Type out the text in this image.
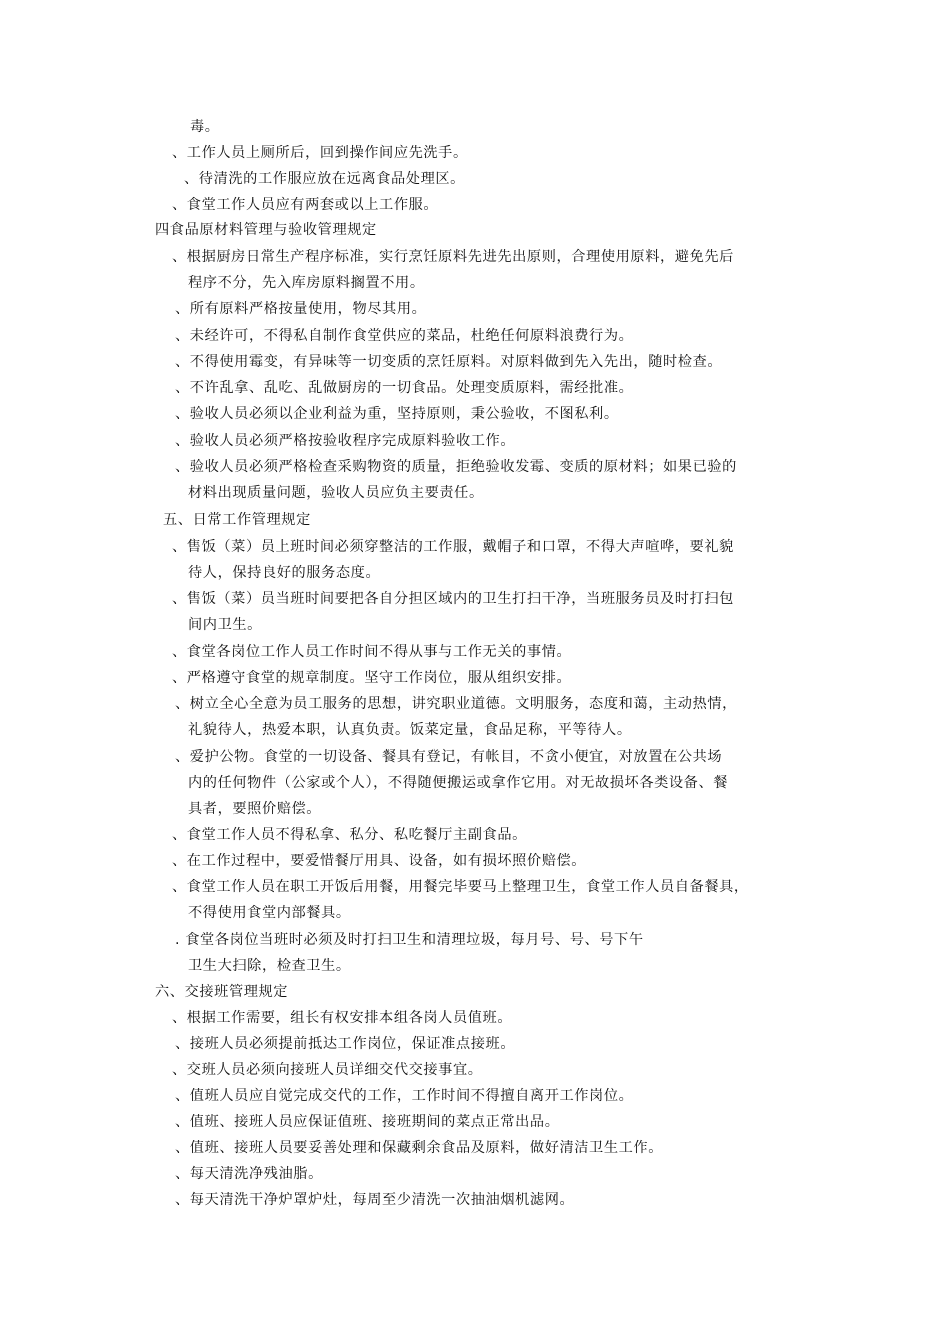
毒。
、工作人员上厕所后，回到操作间应先洗手。
、待清洗的工作服应放在远离食品处理区。
、食堂工作人员应有两套或以上工作服。
四食品原材料管理与验收管理规定
、根据厨房日常生产程序标准，实行烹饪原料先进先出原则，合理使用原料，避免先后
程序不分，先入库房原料搁置不用。
、所有原料严格按量使用，物尽其用。
、未经许可，不得私自制作食堂供应的菜品，杜绝任何原料浪费行为。
、不得使用霉变，有异味等一切变质的烹饪原料。对原料做到先入先出，随时检查。
、不许乱拿、乱吃、乱做厨房的一切食品。处理变质原料，需经批准。
、验收人员必须以企业利益为重，坚持原则，秉公验收，不图私利。
、验收人员必须严格按验收程序完成原料验收工作。
、验收人员必须严格检查采购物资的质量，拒绝验收发霉、变质的原材料；如果已验的
材料出现质量问题，验收人员应负主要责任。
五、日常工作管理规定
、售饭（菜）员上班时间必须穿整洁的工作服，戴帽子和口罩，不得大声喧哗，要礼貌
待人，保持良好的服务态度。
、售饭（菜）员当班时间要把各自分担区域内的卫生打扫干净，当班服务员及时打扫包
间内卫生。
、食堂各岗位工作人员工作时间不得从事与工作无关的事情。
、严格遵守食堂的规章制度。坚守工作岗位，服从组织安排。
、树立全心全意为员工服务的思想，讲究职业道德。文明服务，态度和蔼，主动热情，
礼貌待人，热爱本职，认真负责。饭菜定量，食品足称，平等待人。
、爱护公物。食堂的一切设备、餐具有登记，有帐目，不贪小便宜，对放置在公共场
内的任何物件（公家或个人），不得随便搬运或拿作它用。对无故损坏各类设备、餐
具者，要照价赔偿。
、食堂工作人员不得私拿、私分、私吃餐厅主副食品。
、在工作过程中，要爱惜餐厅用具、设备，如有损坏照价赔偿。
、食堂工作人员在职工开饭后用餐，用餐完毕要马上整理卫生，食堂工作人员自备餐具，
不得使用食堂内部餐具。
. 食堂各岗位当班时必须及时打扫卫生和清理垃圾，每月号、号、号下午
卫生大扫除，检查卫生。
六、交接班管理规定
、根据工作需要，组长有权安排本组各岗人员值班。
、接班人员必须提前抵达工作岗位，保证准点接班。
、交班人员必须向接班人员详细交代交接事宜。
、值班人员应自觉完成交代的工作，工作时间不得擅自离开工作岗位。
、值班、接班人员应保证值班、接班期间的菜点正常出品。
、值班、接班人员要妥善处理和保藏剩余食品及原料，做好清洁卫生工作。
、每天清洗净残油脂。
、每天清洗干净炉罩炉灶，每周至少清洗一次抽油烟机滤网。
